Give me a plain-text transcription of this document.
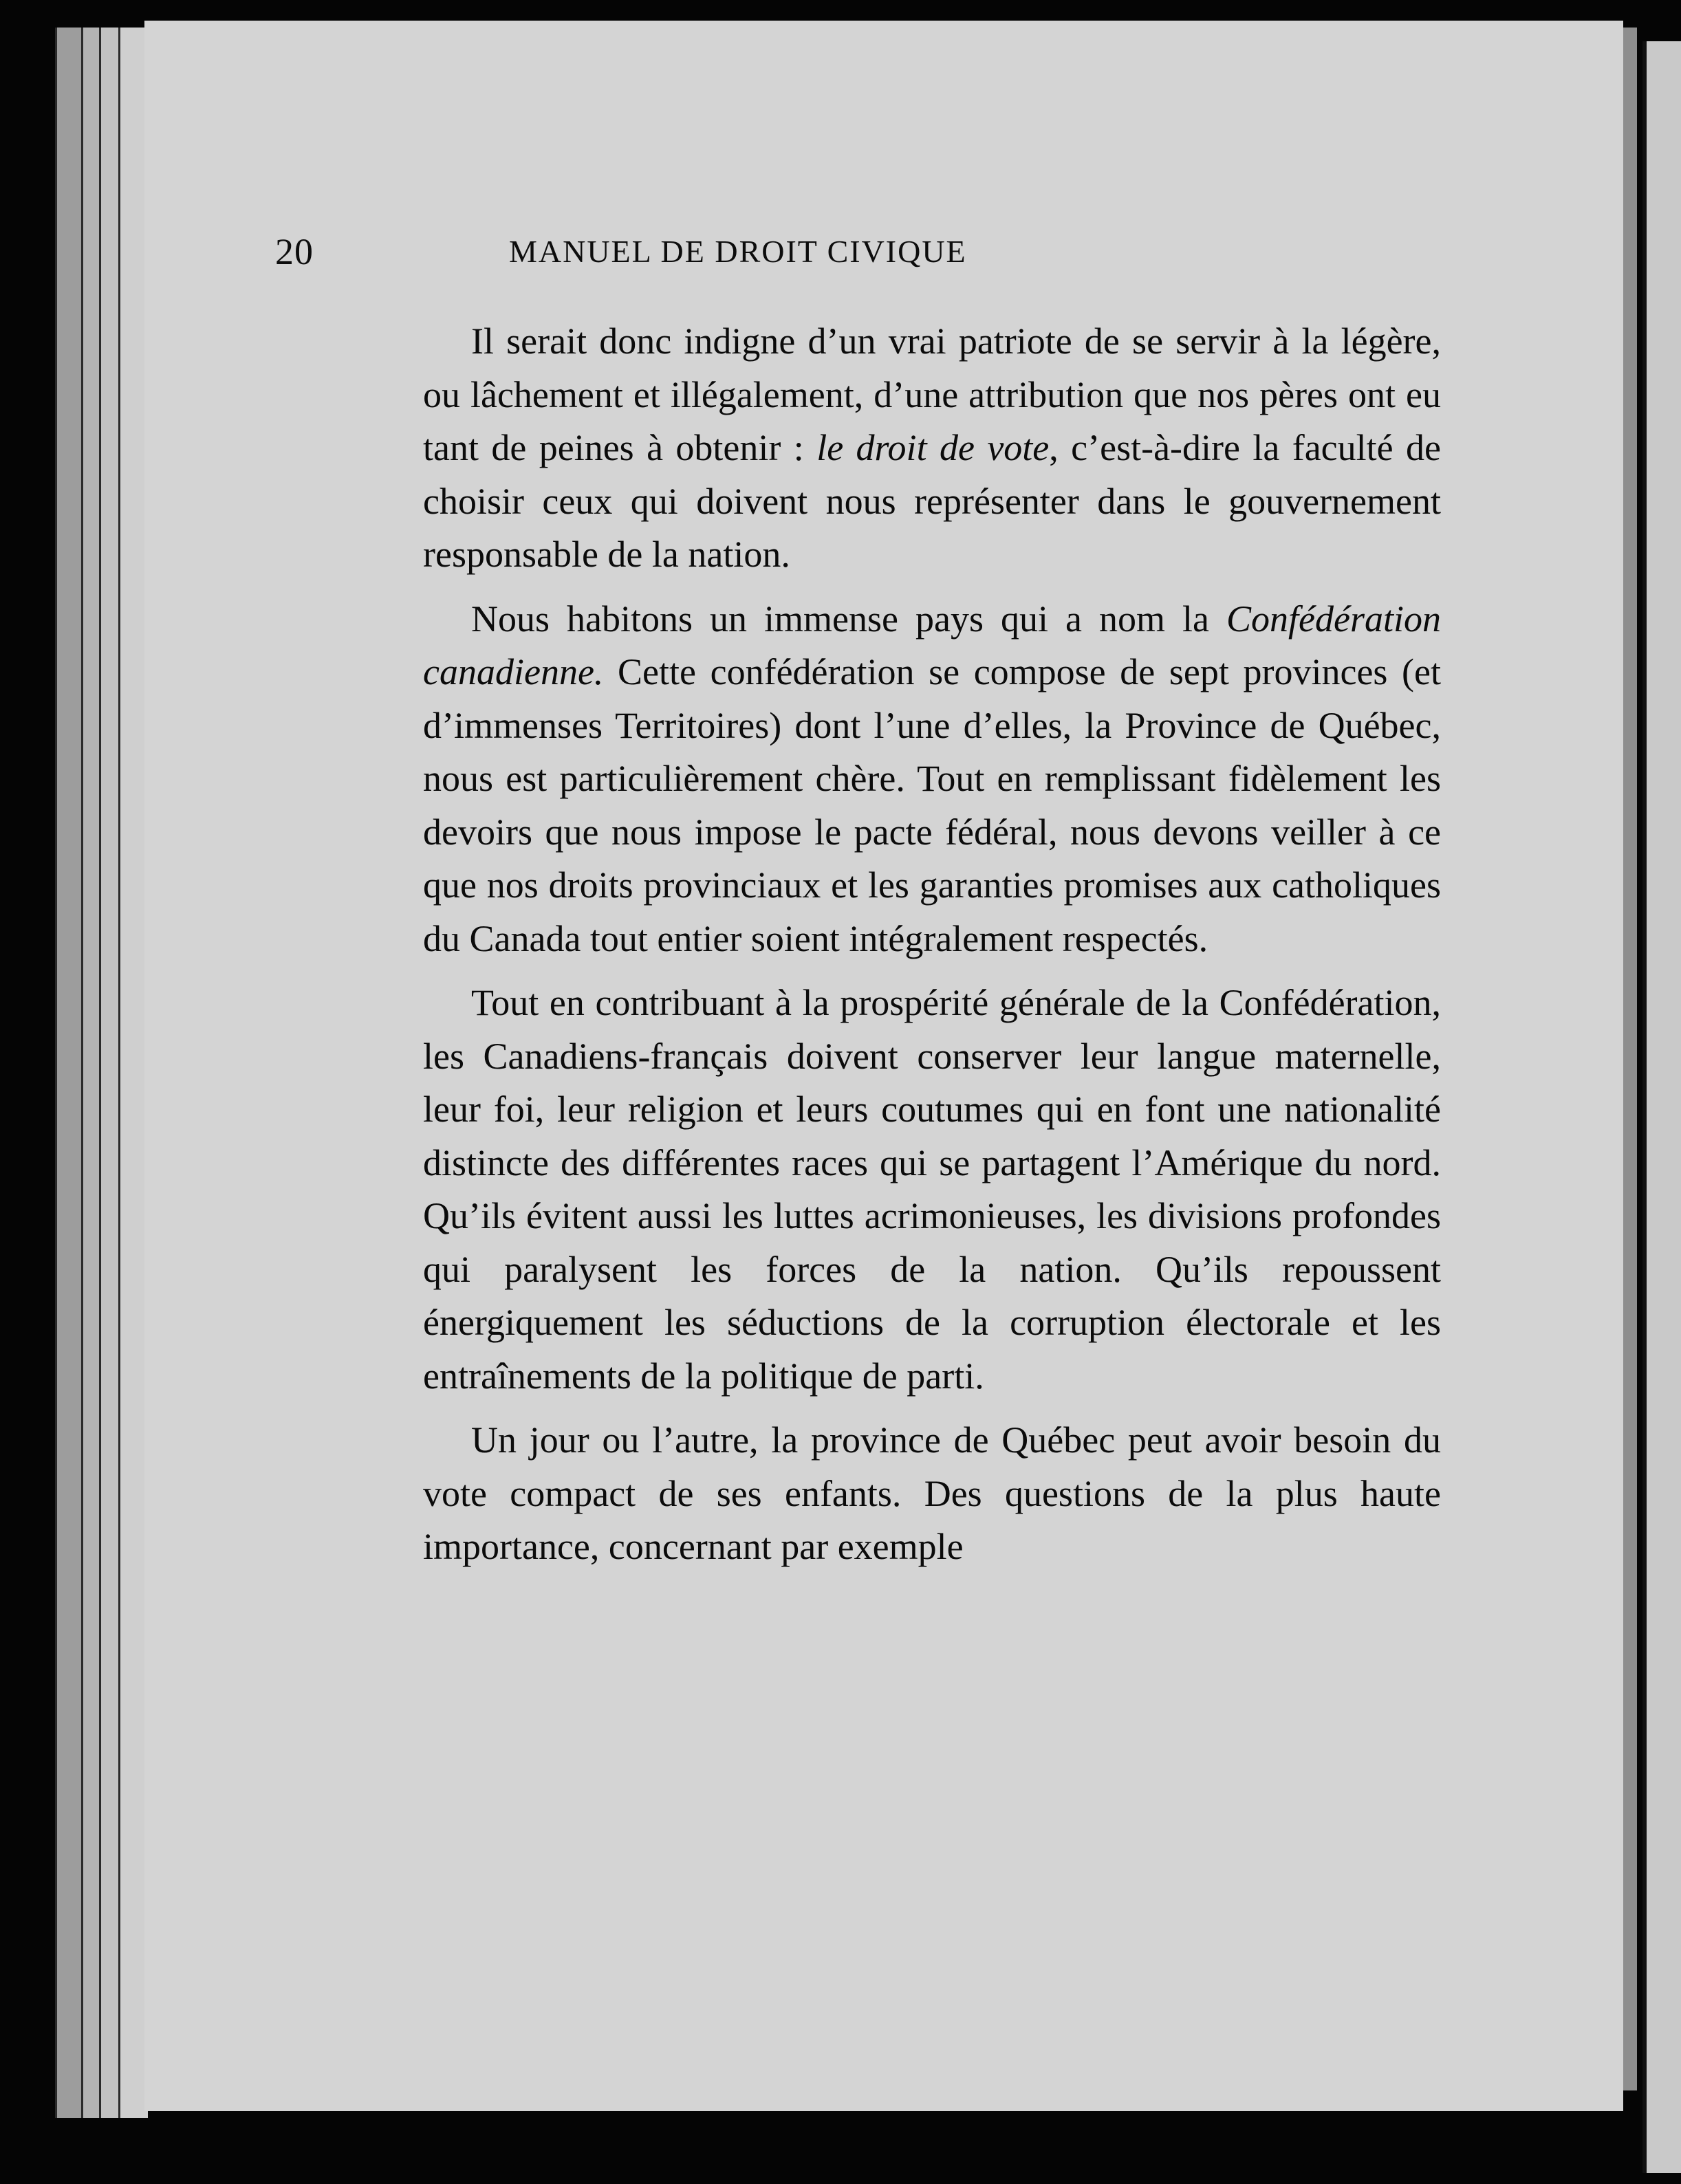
20	MANUEL DE DROIT CIVIQUE

Il serait donc indigne d’un vrai patriote de se servir à la légère, ou lâchement et illégalement, d’une attribution que nos pères ont eu tant de peines à obtenir : le droit de vote, c’est-à-dire la faculté de choisir ceux qui doivent nous représenter dans le gouvernement responsable de la nation.

Nous habitons un immense pays qui a nom la Confédération canadienne. Cette confédération se compose de sept provinces (et d’immenses Territoires) dont l’une d’elles, la Province de Québec, nous est particulièrement chère. Tout en remplissant fidèlement les devoirs que nous impose le pacte fédéral, nous devons veiller à ce que nos droits provinciaux et les garanties promises aux catholiques du Canada tout entier soient intégralement respectés.

Tout en contribuant à la prospérité générale de la Confédération, les Canadiens-français doivent conserver leur langue maternelle, leur foi, leur religion et leurs coutumes qui en font une nationalité distincte des différentes races qui se partagent l’Amérique du nord. Qu’ils évitent aussi les luttes acrimonieuses, les divisions profondes qui paralysent les forces de la nation. Qu’ils repoussent énergiquement les séductions de la corruption électorale et les entraînements de la politique de parti.

Un jour ou l’autre, la province de Québec peut avoir besoin du vote compact de ses enfants. Des questions de la plus haute importance, concernant par exemple
